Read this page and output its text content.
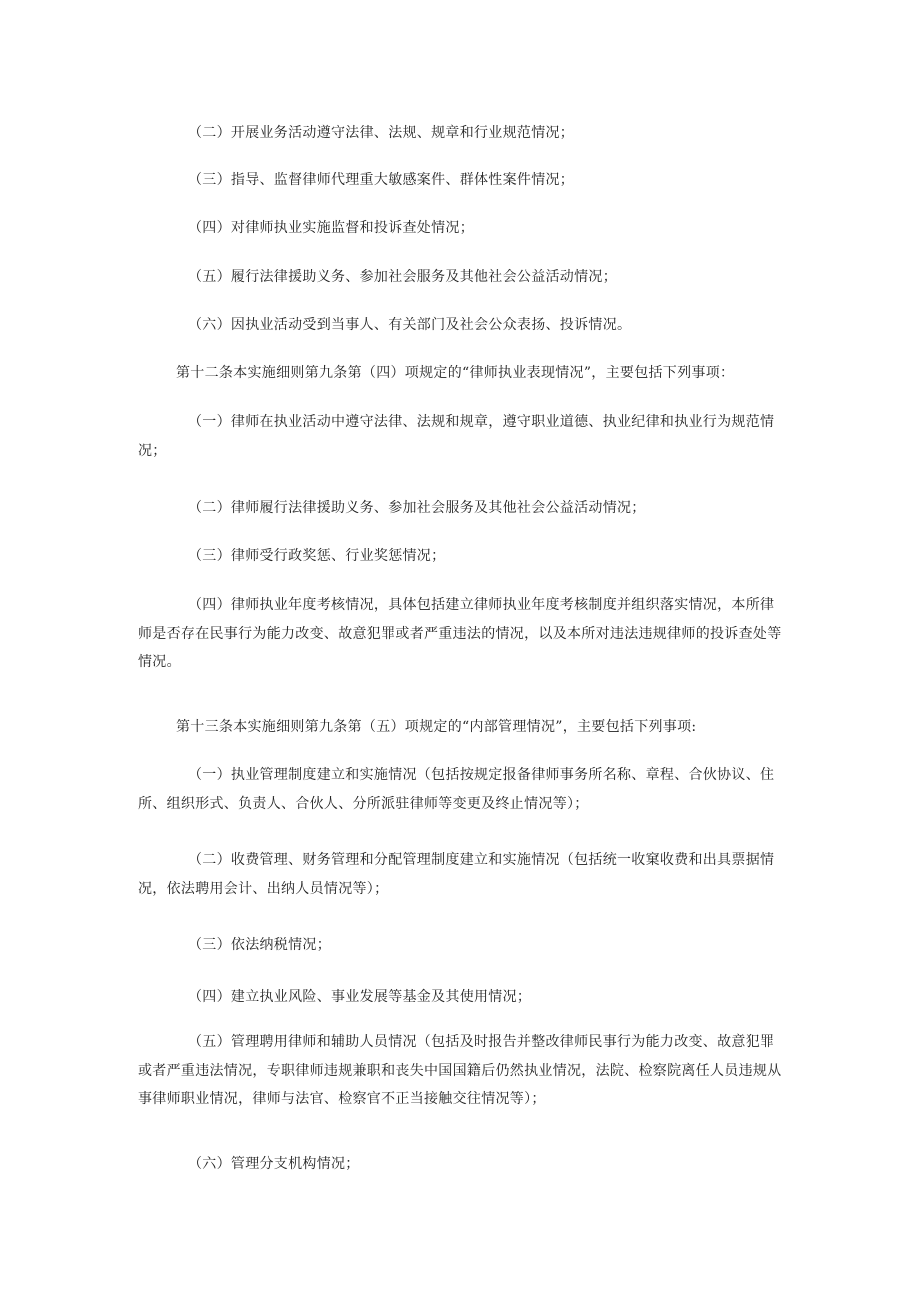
（二）开展业务活动遵守法律、法规、规章和行业规范情况；

（三）指导、监督律师代理重大敏感案件、群体性案件情况；

（四）对律师执业实施监督和投诉查处情况；

（五）履行法律援助义务、参加社会服务及其他社会公益活动情况；

（六）因执业活动受到当事人、有关部门及社会公众表扬、投诉情况。

第十二条本实施细则第九条第（四）项规定的“律师执业表现情况”，主要包括下列事项：

（一）律师在执业活动中遵守法律、法规和规章，遵守职业道德、执业纪律和执业行为规范情况；

（二）律师履行法律援助义务、参加社会服务及其他社会公益活动情况；

（三）律师受行政奖惩、行业奖惩情况；

（四）律师执业年度考核情况，具体包括建立律师执业年度考核制度并组织落实情况，本所律师是否存在民事行为能力改变、故意犯罪或者严重违法的情况，以及本所对违法违规律师的投诉查处等情况。

第十三条本实施细则第九条第（五）项规定的“内部管理情况”，主要包括下列事项:

（一）执业管理制度建立和实施情况（包括按规定报备律师事务所名称、章程、合伙协议、住所、组织形式、负责人、合伙人、分所派驻律师等变更及终止情况等）；

（二）收费管理、财务管理和分配管理制度建立和实施情况（包括统一收窠收费和出具票据情况，依法聘用会计、出纳人员情况等）；

（三）依法纳税情况；

（四）建立执业风险、事业发展等基金及其使用情况；

（五）管理聘用律师和辅助人员情况（包括及时报告并整改律师民事行为能力改变、故意犯罪或者严重违法情况，专职律师违规兼职和丧失中国国籍后仍然执业情况，法院、检察院离任人员违规从事律师职业情况，律师与法官、检察官不正当接触交往情况等）；

（六）管理分支机构情况；
